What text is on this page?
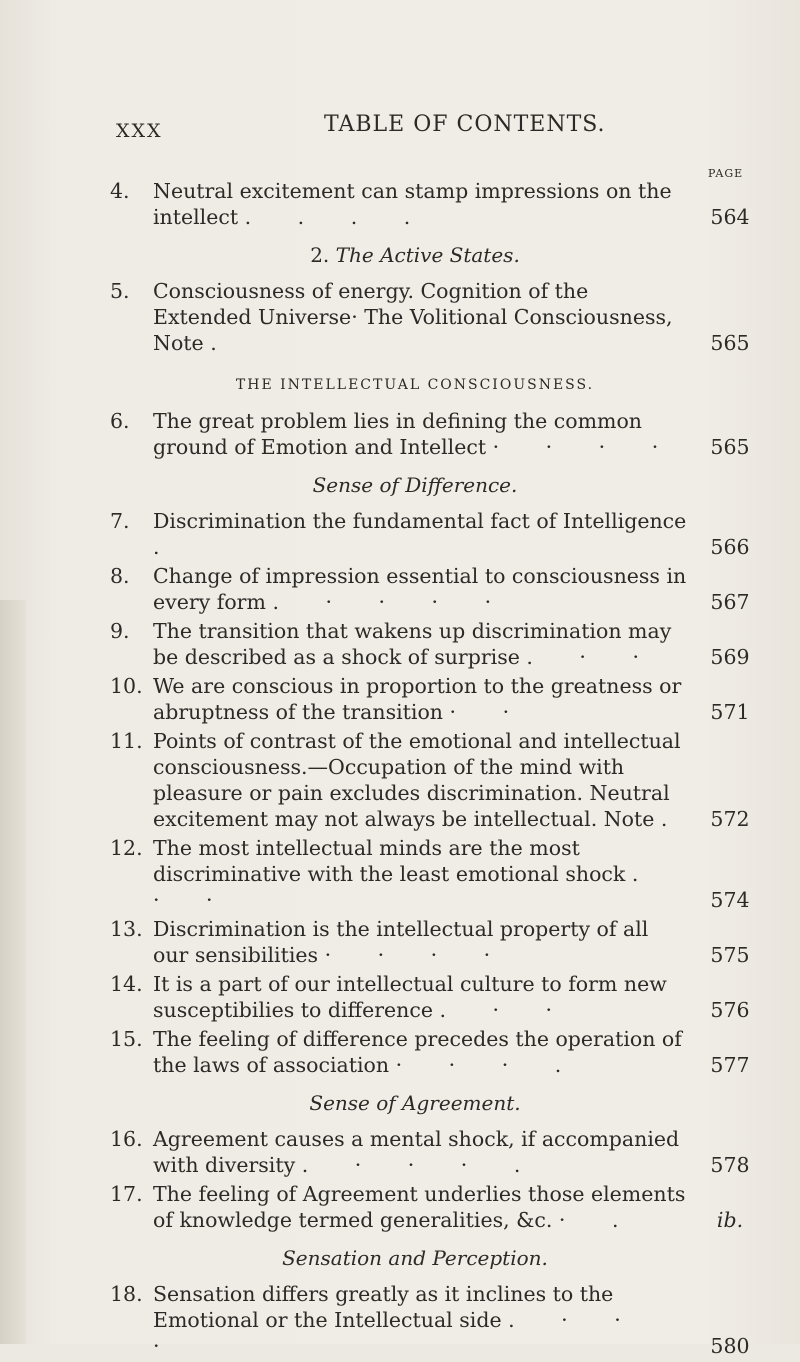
XXX	TABLE OF CONTENTS.
PAGE
4. Neutral excitement can stamp impressions on the intellect . . . .	564
2. The Active States.
5. Consciousness of energy. Cognition of the Extended Universe· The Volitional Consciousness, Note .	565
THE INTELLECTUAL CONSCIOUSNESS.
6. The great problem lies in defining the common ground of Emotion and Intellect · · · ·	565
Sense of Difference.
7. Discrimination the fundamental fact of Intelligence .	566
8. Change of impression essential to consciousness in every form . · · · ·	567
9. The transition that wakens up discrimination may be described as a shock of surprise . · ·	569
10. We are conscious in proportion to the greatness or abruptness of the transition · ·	571
11. Points of contrast of the emotional and intellectual consciousness.—Occupation of the mind with pleasure or pain excludes discrimination. Neutral excitement may not always be intellectual. Note .	572
12. The most intellectual minds are the most discriminative with the least emotional shock . · ·	574
13. Discrimination is the intellectual property of all our sensibilities · · · ·	575
14. It is a part of our intellectual culture to form new susceptibilies to difference . · ·	576
15. The feeling of difference precedes the operation of the laws of association · · · .	577
Sense of Agreement.
16. Agreement causes a mental shock, if accompanied with diversity . · · · .	578
17. The feeling of Agreement underlies those elements of knowledge termed generalities, &c. · .	ib.
Sensation and Perception.
18. Sensation differs greatly as it inclines to the Emotional or the Intellectual side . · · ·	580
